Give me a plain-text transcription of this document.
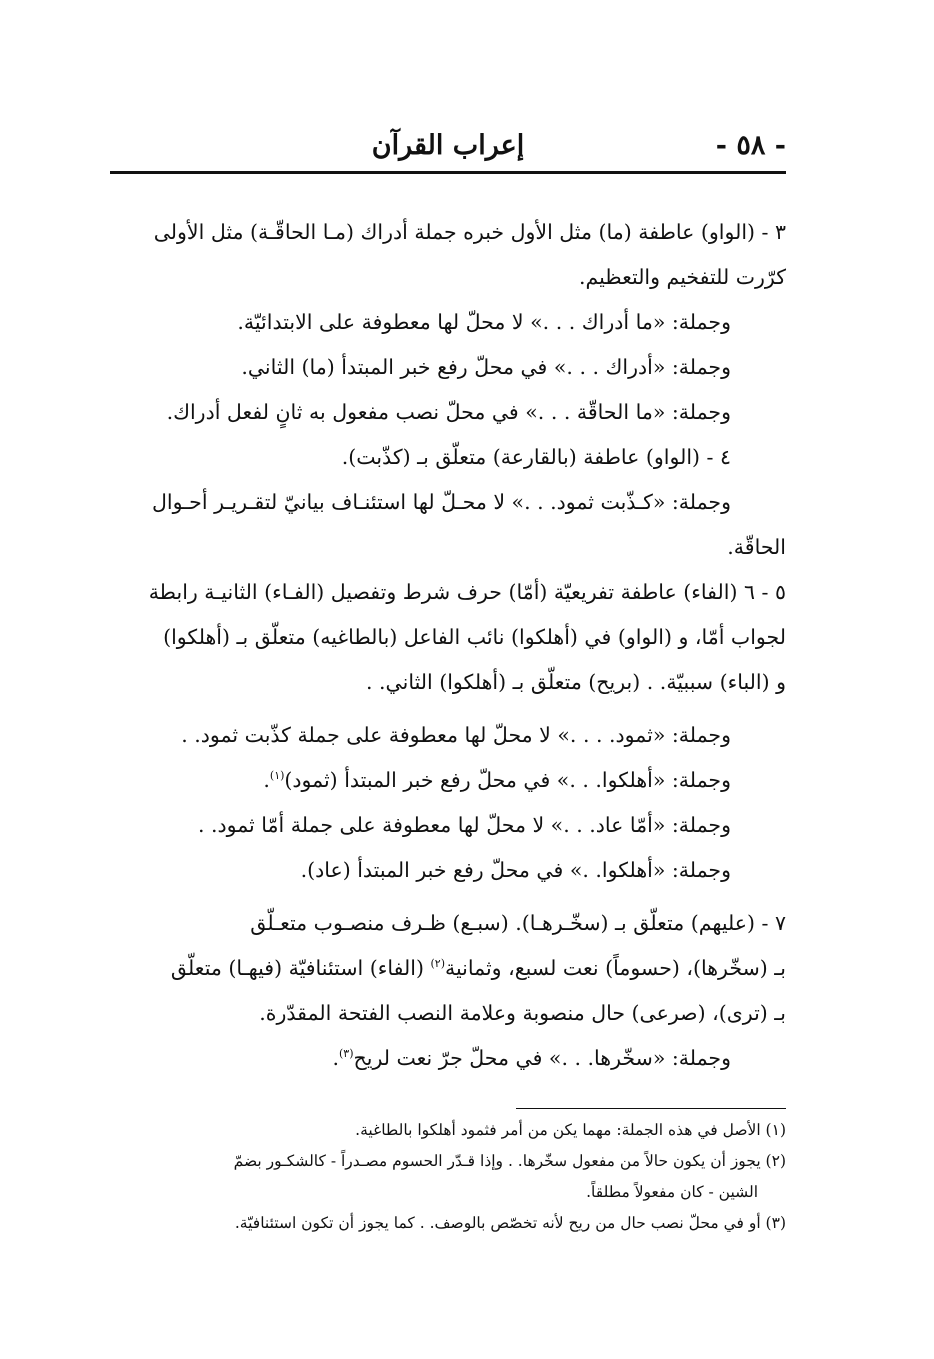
- ٥٨ -
إعراب القرآن

٣ - (الواو) عاطفة (ما) مثل الأول خبره جملة أدراك (مـا الحاقّـة) مثل الأولى

كرّرت للتفخيم والتعظيم.

وجملة: «ما أدراك . . .» لا محلّ لها معطوفة على الابتدائيّة.

وجملة: «أدراك . . .» في محلّ رفع خبر المبتدأ (ما) الثاني.

وجملة: «ما الحاقّة . . .» في محلّ نصب مفعول به ثانٍ لفعل أدراك.

٤ - (الواو) عاطفة (بالقارعة) متعلّق بـ (كذّبت).

وجملة: «كـذّبت ثمود. . .» لا محـلّ لها استئنـاف بيانيّ لتقـريـر أحـوال

الحاقّة.

٥ - ٦ (الفاء) عاطفة تفريعيّة (أمّا) حرف شرط وتفصيل (الفـاء) الثانيـة رابطة

لجواب أمّا، و (الواو) في (أهلكوا) نائب الفاعل (بالطاغيه) متعلّق بـ (أهلكوا)

و (الباء) سببيّة. . (بريح) متعلّق بـ (أهلكوا) الثاني. .

وجملة: «ثمود. . . .» لا محلّ لها معطوفة على جملة كذّبت ثمود. .

وجملة: «أهلكوا. . .» في محلّ رفع خبر المبتدأ (ثمود)$^{(١)}$.

وجملة: «أمّا عاد. . .» لا محلّ لها معطوفة على جملة أمّا ثمود. .

وجملة: «أهلكوا. .» في محلّ رفع خبر المبتدأ (عاد).

٧ - (عليهم) متعلّق بـ (سخّـرهـا). (سبـع) ظـرف منصـوب متعـلّق

بـ (سخّرها)، (حسوماً) نعت لسبع، وثمانية$^{(٢)}$ (الفاء) استئنافيّة (فيهـا) متعلّق

بـ (ترى)، (صرعى) حال منصوبة وعلامة النصب الفتحة المقدّرة.

وجملة: «سخّرها. . .» في محلّ جرّ نعت لريح$^{(٣)}$.

(١) الأصل في هذه الجملة: مهما يكن من أمر فثمود أهلكوا بالطاغية.

(٢) يجوز أن يكون حالاً من مفعول سخّرها. . وإذا قـدّر الحسوم مصـدراً - كالشكـور بضمّ

الشين - كان مفعولاً مطلقاً.

(٣) أو في محلّ نصب حال من ريح لأنه تخصّص بالوصف. . كما يجوز أن تكون استئنافيّة.
